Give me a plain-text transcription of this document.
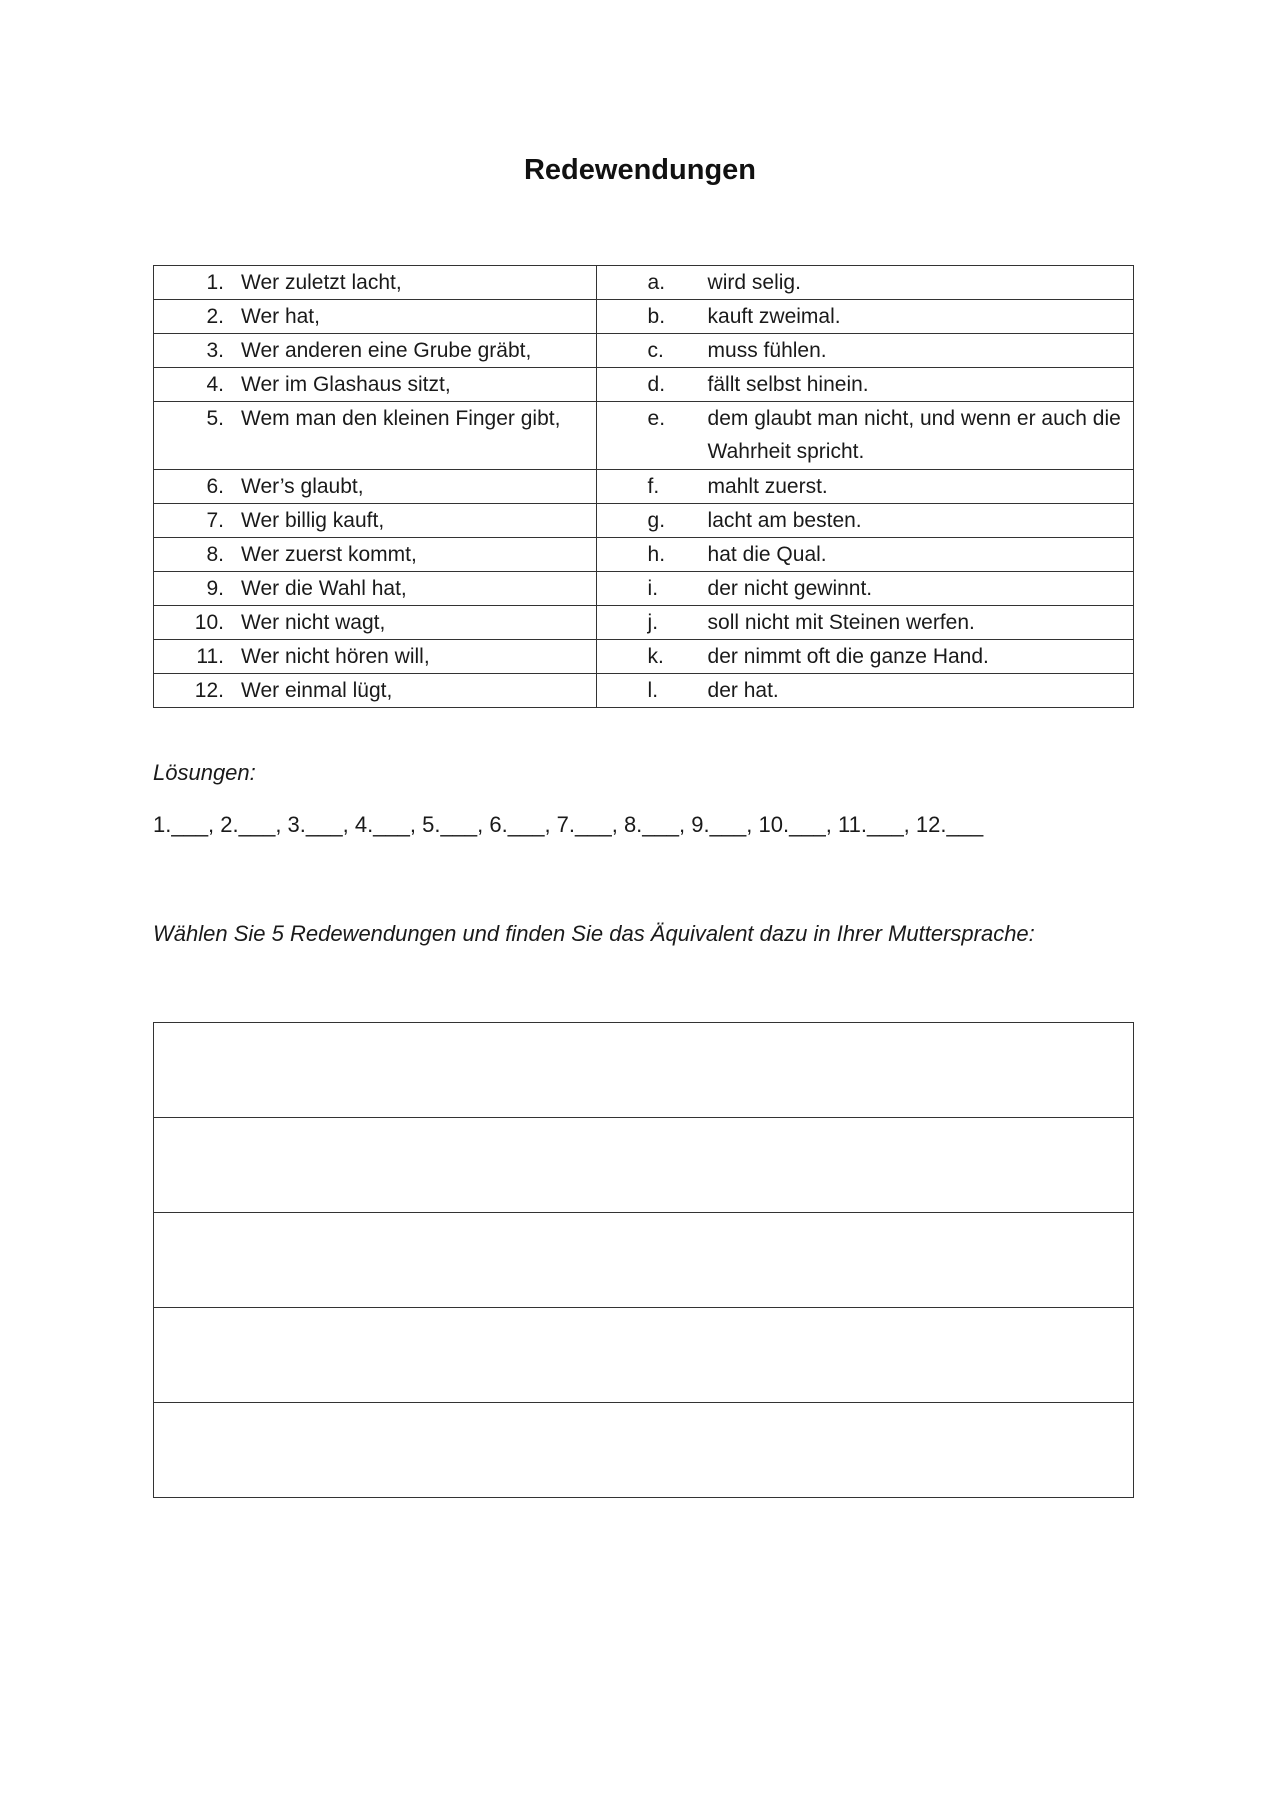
Redewendungen
1. Wer zuletzt lacht,	a. wird selig.

2. Wer hat,	b. kauft zweimal.

3. Wer anderen eine Grube gräbt,	c. muss fühlen.

4. Wer im Glashaus sitzt,	d. fällt selbst hinein.

5. Wem man den kleinen Finger gibt,	e. dem glaubt man nicht, und wenn er auch die Wahrheit spricht.

6. Wer’s glaubt,	f. mahlt zuerst.

7. Wer billig kauft,	g. lacht am besten.

8. Wer zuerst kommt,	h. hat die Qual.

9. Wer die Wahl hat,	i. der nicht gewinnt.

10. Wer nicht wagt,	j. soll nicht mit Steinen werfen.

11. Wer nicht hören will,	k. der nimmt oft die ganze Hand.

12. Wer einmal lügt,	l. der hat.

Lösungen:

1.___, 2.___, 3.___, 4.___, 5.___, 6.___, 7.___, 8.___, 9.___, 10.___, 11.___, 12.___

Wählen Sie 5 Redewendungen und finden Sie das Äquivalent dazu in Ihrer Muttersprache:
